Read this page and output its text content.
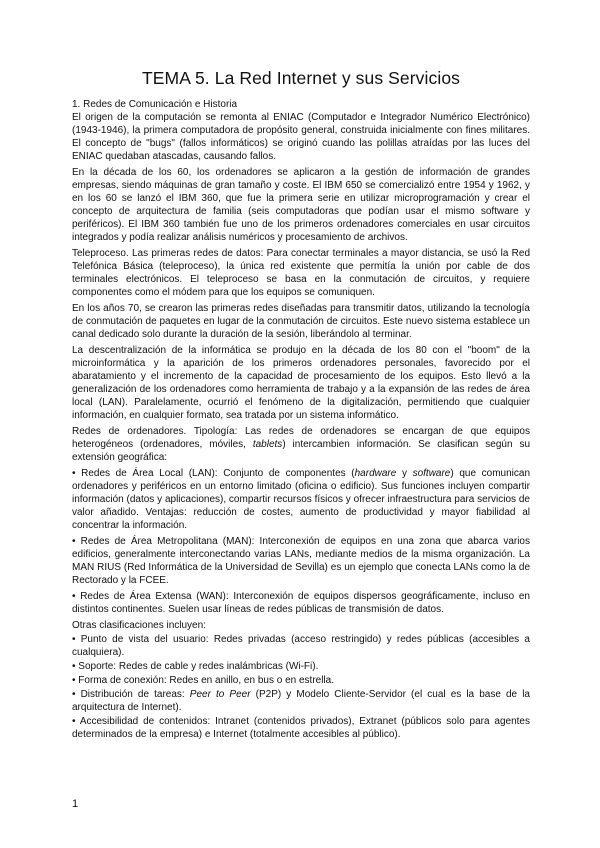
TEMA 5. La Red Internet y sus Servicios
1. Redes de Comunicación e Historia

El origen de la computación se remonta al ENIAC (Computador e Integrador Numérico Electrónico) (1943-1946), la primera computadora de propósito general, construida inicialmente con fines militares. El concepto de "bugs" (fallos informáticos) se originó cuando las polillas atraídas por las luces del ENIAC quedaban atascadas, causando fallos.

En la década de los 60, los ordenadores se aplicaron a la gestión de información de grandes empresas, siendo máquinas de gran tamaño y coste. El IBM 650 se comercializó entre 1954 y 1962, y en los 60 se lanzó el IBM 360, que fue la primera serie en utilizar microprogramación y crear el concepto de arquitectura de familia (seis computadoras que podían usar el mismo software y periféricos). El IBM 360 también fue uno de los primeros ordenadores comerciales en usar circuitos integrados y podía realizar análisis numéricos y procesamiento de archivos.

Teleproceso. Las primeras redes de datos: Para conectar terminales a mayor distancia, se usó la Red Telefónica Básica (teleproceso), la única red existente que permitía la unión por cable de dos terminales electrónicos. El teleproceso se basa en la conmutación de circuitos, y requiere componentes como el módem para que los equipos se comuniquen.

En los años 70, se crearon las primeras redes diseñadas para transmitir datos, utilizando la tecnología de conmutación de paquetes en lugar de la conmutación de circuitos. Este nuevo sistema establece un canal dedicado solo durante la duración de la sesión, liberándolo al terminar.

La descentralización de la informática se produjo en la década de los 80 con el "boom" de la microinformática y la aparición de los primeros ordenadores personales, favorecido por el abaratamiento y el incremento de la capacidad de procesamiento de los equipos. Esto llevó a la generalización de los ordenadores como herramienta de trabajo y a la expansión de las redes de área local (LAN). Paralelamente, ocurrió el fenómeno de la digitalización, permitiendo que cualquier información, en cualquier formato, sea tratada por un sistema informático.

Redes de ordenadores. Tipología: Las redes de ordenadores se encargan de que equipos heterogéneos (ordenadores, móviles, tablets) intercambien información. Se clasifican según su extensión geográfica:

• Redes de Área Local (LAN): Conjunto de componentes (hardware y software) que comunican ordenadores y periféricos en un entorno limitado (oficina o edificio). Sus funciones incluyen compartir información (datos y aplicaciones), compartir recursos físicos y ofrecer infraestructura para servicios de valor añadido. Ventajas: reducción de costes, aumento de productividad y mayor fiabilidad al concentrar la información.

• Redes de Área Metropolitana (MAN): Interconexión de equipos en una zona que abarca varios edificios, generalmente interconectando varias LANs, mediante medios de la misma organización. La MAN RIUS (Red Informática de la Universidad de Sevilla) es un ejemplo que conecta LANs como la de Rectorado y la FCEE.

• Redes de Área Extensa (WAN): Interconexión de equipos dispersos geográficamente, incluso en distintos continentes. Suelen usar líneas de redes públicas de transmisión de datos.

Otras clasificaciones incluyen:

• Punto de vista del usuario: Redes privadas (acceso restringido) y redes públicas (accesibles a cualquiera).

• Soporte: Redes de cable y redes inalámbricas (Wi-Fi).

• Forma de conexión: Redes en anillo, en bus o en estrella.

• Distribución de tareas: Peer to Peer (P2P) y Modelo Cliente-Servidor (el cual es la base de la arquitectura de Internet).

• Accesibilidad de contenidos: Intranet (contenidos privados), Extranet (públicos solo para agentes determinados de la empresa) e Internet (totalmente accesibles al público).

1
